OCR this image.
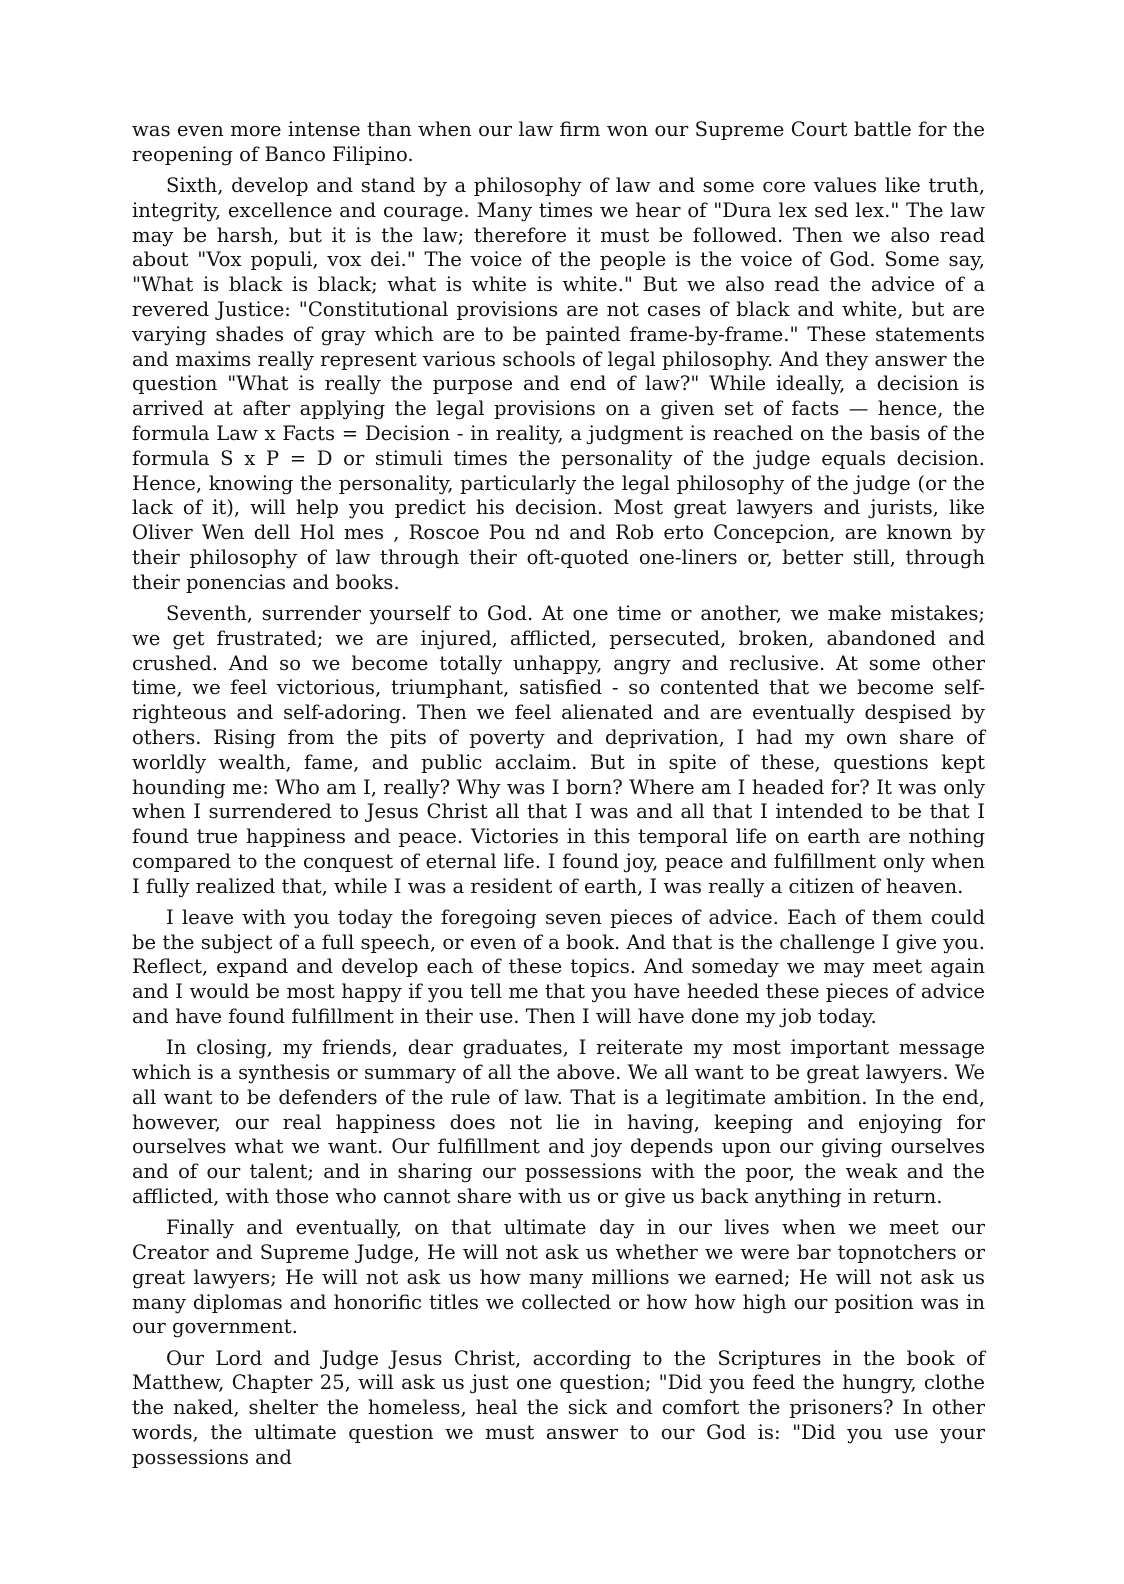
was even more intense than when our law firm won our Supreme Court battle for the reopening of Banco Filipino.

Sixth, develop and stand by a philosophy of law and some core values like truth, integrity, excellence and courage. Many times we hear of "Dura lex sed lex." The law may be harsh, but it is the law; therefore it must be followed. Then we also read about "Vox populi, vox dei." The voice of the people is the voice of God. Some say, "What is black is black; what is white is white." But we also read the advice of a revered Justice: "Constitutional provisions are not cases of black and white, but are varying shades of gray which are to be painted frame-by-frame." These statements and maxims really represent various schools of legal philosophy. And they answer the question "What is really the purpose and end of law?" While ideally, a decision is arrived at after applying the legal provisions on a given set of facts — hence, the formula Law x Facts = Decision - in reality, a judgment is reached on the basis of the formula S x P = D or stimuli times the personality of the judge equals decision. Hence, knowing the personality, particularly the legal philosophy of the judge (or the lack of it), will help you predict his decision. Most great lawyers and jurists, like Oliver Wen dell Hol mes , Roscoe Pou nd and Rob erto Concepcion, are known by their philosophy of law through their oft-quoted one-liners or, better still, through their ponencias and books.

Seventh, surrender yourself to God. At one time or another, we make mistakes; we get frustrated; we are injured, afflicted, persecuted, broken, abandoned and crushed. And so we become totally unhappy, angry and reclusive. At some other time, we feel victorious, triumphant, satisfied - so contented that we become self-righteous and self-adoring. Then we feel alienated and are eventually despised by others. Rising from the pits of poverty and deprivation, I had my own share of worldly wealth, fame, and public acclaim. But in spite of these, questions kept hounding me: Who am I, really? Why was I born? Where am I headed for? It was only when I surrendered to Jesus Christ all that I was and all that I intended to be that I found true happiness and peace. Victories in this temporal life on earth are nothing compared to the conquest of eternal life. I found joy, peace and fulfillment only when I fully realized that, while I was a resident of earth, I was really a citizen of heaven.

I leave with you today the foregoing seven pieces of advice. Each of them could be the subject of a full speech, or even of a book. And that is the challenge I give you. Reflect, expand and develop each of these topics. And someday we may meet again and I would be most happy if you tell me that you have heeded these pieces of advice and have found fulfillment in their use. Then I will have done my job today.

In closing, my friends, dear graduates, I reiterate my most important message which is a synthesis or summary of all the above. We all want to be great lawyers. We all want to be defenders of the rule of law. That is a legitimate ambition. In the end, however, our real happiness does not lie in having, keeping and enjoying for ourselves what we want. Our fulfillment and joy depends upon our giving ourselves and of our talent; and in sharing our possessions with the poor, the weak and the afflicted, with those who cannot share with us or give us back anything in return.

Finally and eventually, on that ultimate day in our lives when we meet our Creator and Supreme Judge, He will not ask us whether we were bar topnotchers or great lawyers; He will not ask us how many millions we earned; He will not ask us many diplomas and honorific titles we collected or how how high our position was in our government.

Our Lord and Judge Jesus Christ, according to the Scriptures in the book of Matthew, Chapter 25, will ask us just one question; "Did you feed the hungry, clothe the naked, shelter the homeless, heal the sick and comfort the prisoners? In other words, the ultimate question we must answer to our God is: "Did you use your possessions and
